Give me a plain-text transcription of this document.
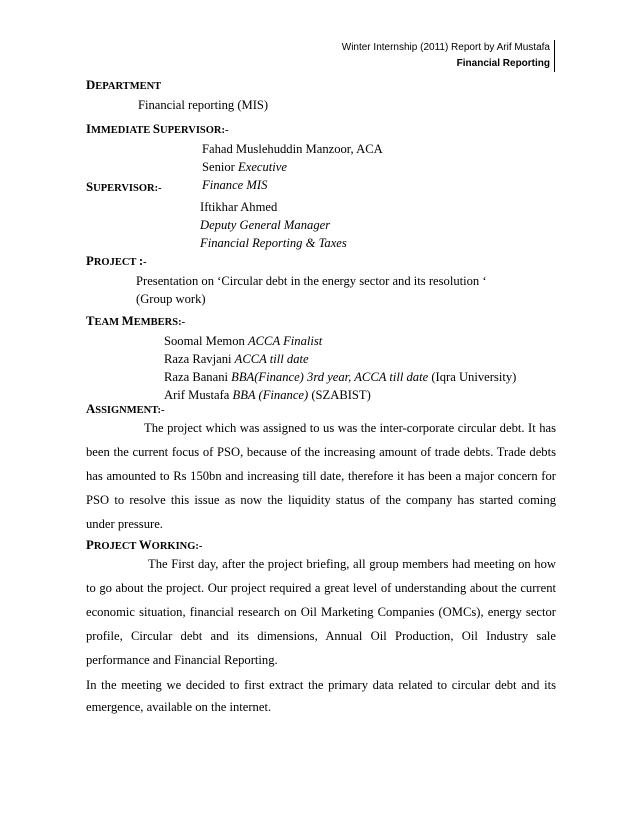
Winter Internship (2011) Report by Arif Mustafa
Financial Reporting
DEPARTMENT
Financial reporting (MIS)
IMMEDIATE SUPERVISOR:-
Fahad Muslehuddin Manzoor, ACA
Senior Executive
Finance MIS
SUPERVISOR:-
Iftikhar Ahmed
Deputy General Manager
Financial Reporting & Taxes
PROJECT :-
Presentation on ‘Circular debt in the energy sector and its resolution ‘
(Group work)
TEAM MEMBERS:-
Soomal Memon ACCA Finalist
Raza Ravjani ACCA till date
Raza Banani BBA(Finance) 3rd year, ACCA till date (Iqra University)
Arif Mustafa BBA (Finance) (SZABIST)
ASSIGNMENT:-
The project which was assigned to us was the inter-corporate circular debt. It has been the current focus of PSO, because of the increasing amount of trade debts. Trade debts has amounted to Rs 150bn and increasing till date, therefore it has been a major concern for PSO to resolve this issue as now the liquidity status of the company has started coming under pressure.
PROJECT WORKING:-
The First day, after the project briefing, all group members had meeting on how to go about the project. Our project required a great level of understanding about the current economic situation, financial research on Oil Marketing Companies (OMCs), energy sector profile, Circular debt and its dimensions, Annual Oil Production, Oil Industry sale performance and Financial Reporting.
In the meeting we decided to first extract the primary data related to circular debt and its emergence, available on the internet.
